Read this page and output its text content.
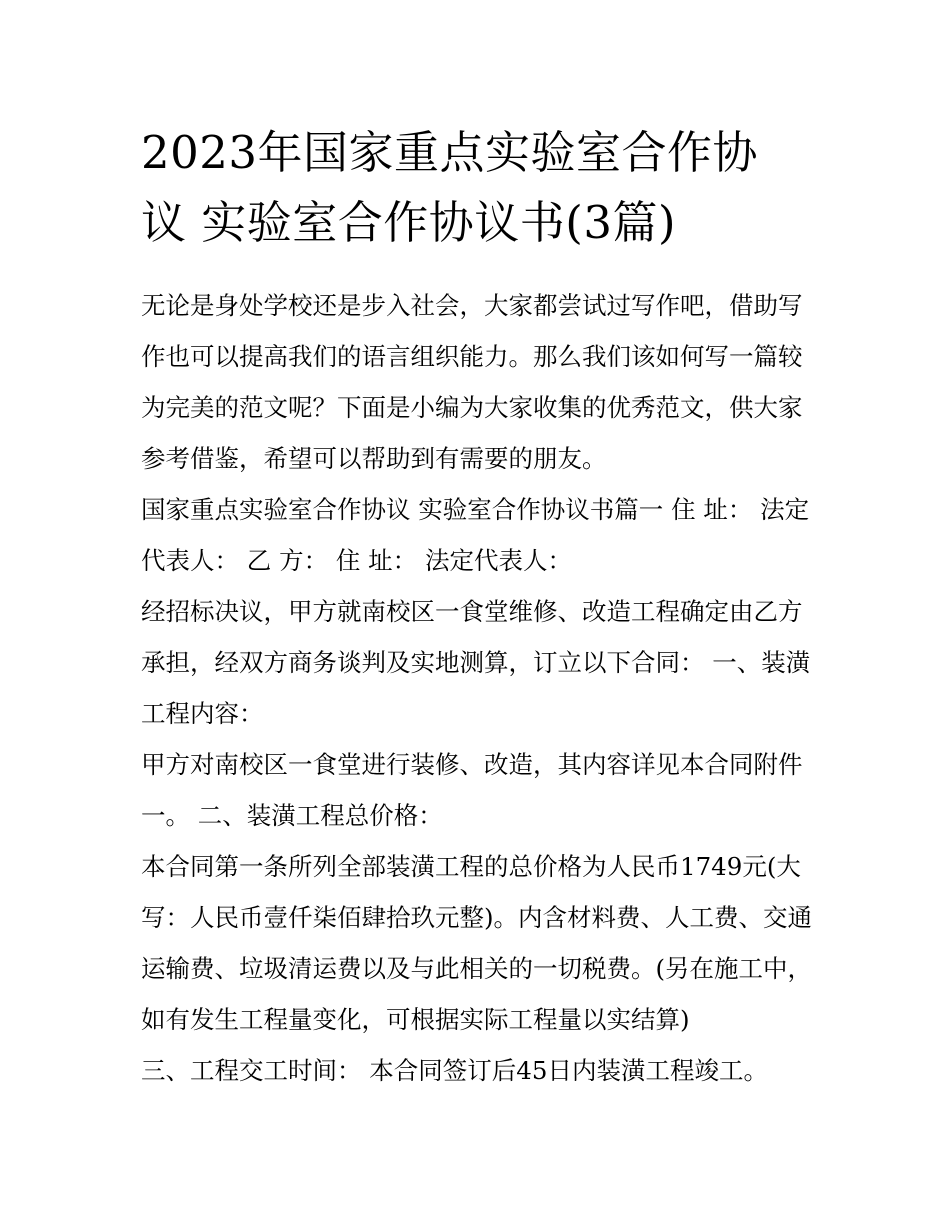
2023年国家重点实验室合作协
议 实验室合作协议书(3篇)

无论是身处学校还是步入社会，大家都尝试过写作吧，借助写作也可以提高我们的语言组织能力。那么我们该如何写一篇较为完美的范文呢？下面是小编为大家收集的优秀范文，供大家参考借鉴，希望可以帮助到有需要的朋友。

国家重点实验室合作协议 实验室合作协议书篇一 住 址： 法定代表人： 乙 方： 住 址： 法定代表人：

经招标决议，甲方就南校区一食堂维修、改造工程确定由乙方承担，经双方商务谈判及实地测算，订立以下合同： 一、装潢工程内容：

甲方对南校区一食堂进行装修、改造，其内容详见本合同附件一。 二、装潢工程总价格：

本合同第一条所列全部装潢工程的总价格为人民币1749元(大写：人民币壹仟柒佰肆拾玖元整)。内含材料费、人工费、交通运输费、垃圾清运费以及与此相关的一切税费。(另在施工中，如有发生工程量变化，可根据实际工程量以实结算)

三、工程交工时间： 本合同签订后45日内装潢工程竣工。
